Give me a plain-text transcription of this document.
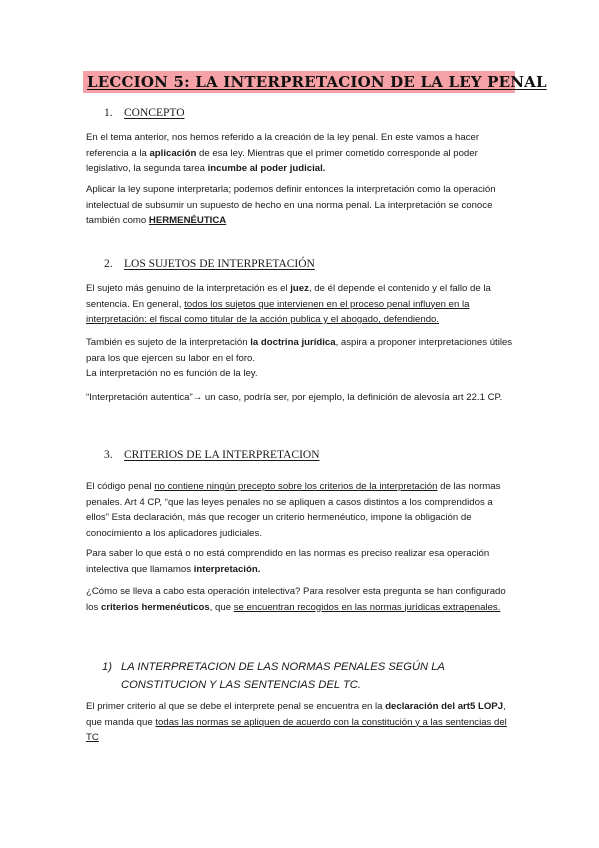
LECCION 5: LA INTERPRETACION DE LA LEY PENAL
1. CONCEPTO

En el tema anterior, nos hemos referido a la creación de la ley penal. En este vamos a hacer referencia a la aplicación de esa ley. Mientras que el primer cometido corresponde al poder legislativo, la segunda tarea incumbe al poder judicial.

Aplicar la ley supone interpretarla; podemos definir entonces la interpretación como la operación intelectual de subsumir un supuesto de hecho en una norma penal. La interpretación se conoce también como HERMENÉUTICA

2. LOS SUJETOS DE INTERPRETACIÓN

El sujeto más genuino de la interpretación es el juez, de él depende el contenido y el fallo de la sentencia. En general, todos los sujetos que intervienen en el proceso penal influyen en la interpretación: el fiscal como titular de la acción publica y el abogado, defendiendo.

También es sujeto de la interpretación la doctrina jurídica, aspira a proponer interpretaciones útiles para los que ejercen su labor en el foro.

La interpretación no es función de la ley.

“Interpretación autentica”→ un caso, podría ser, por ejemplo, la definición de alevosía art 22.1 CP.

3. CRITERIOS DE LA INTERPRETACION

El código penal no contiene ningún precepto sobre los criterios de la interpretación de las normas penales. Art 4 CP, “que las leyes penales no se apliquen a casos distintos a los comprendidos a ellos” Esta declaración, más que recoger un criterio hermenéutico, impone la obligación de conocimiento a los aplicadores judiciales.

Para saber lo que está o no está comprendido en las normas es preciso realizar esa operación intelectiva que llamamos interpretación.

¿Cómo se lleva a cabo esta operación intelectiva? Para resolver esta pregunta se han configurado los criterios hermenéuticos, que se encuentran recogidos en las normas jurídicas extrapenales.

1) LA INTERPRETACION DE LAS NORMAS PENALES SEGÚN LA CONSTITUCION Y LAS SENTENCIAS DEL TC.

El primer criterio al que se debe el interprete penal se encuentra en la declaración del art5 LOPJ, que manda que todas las normas se apliquen de acuerdo con la constitución y a las sentencias del TC
